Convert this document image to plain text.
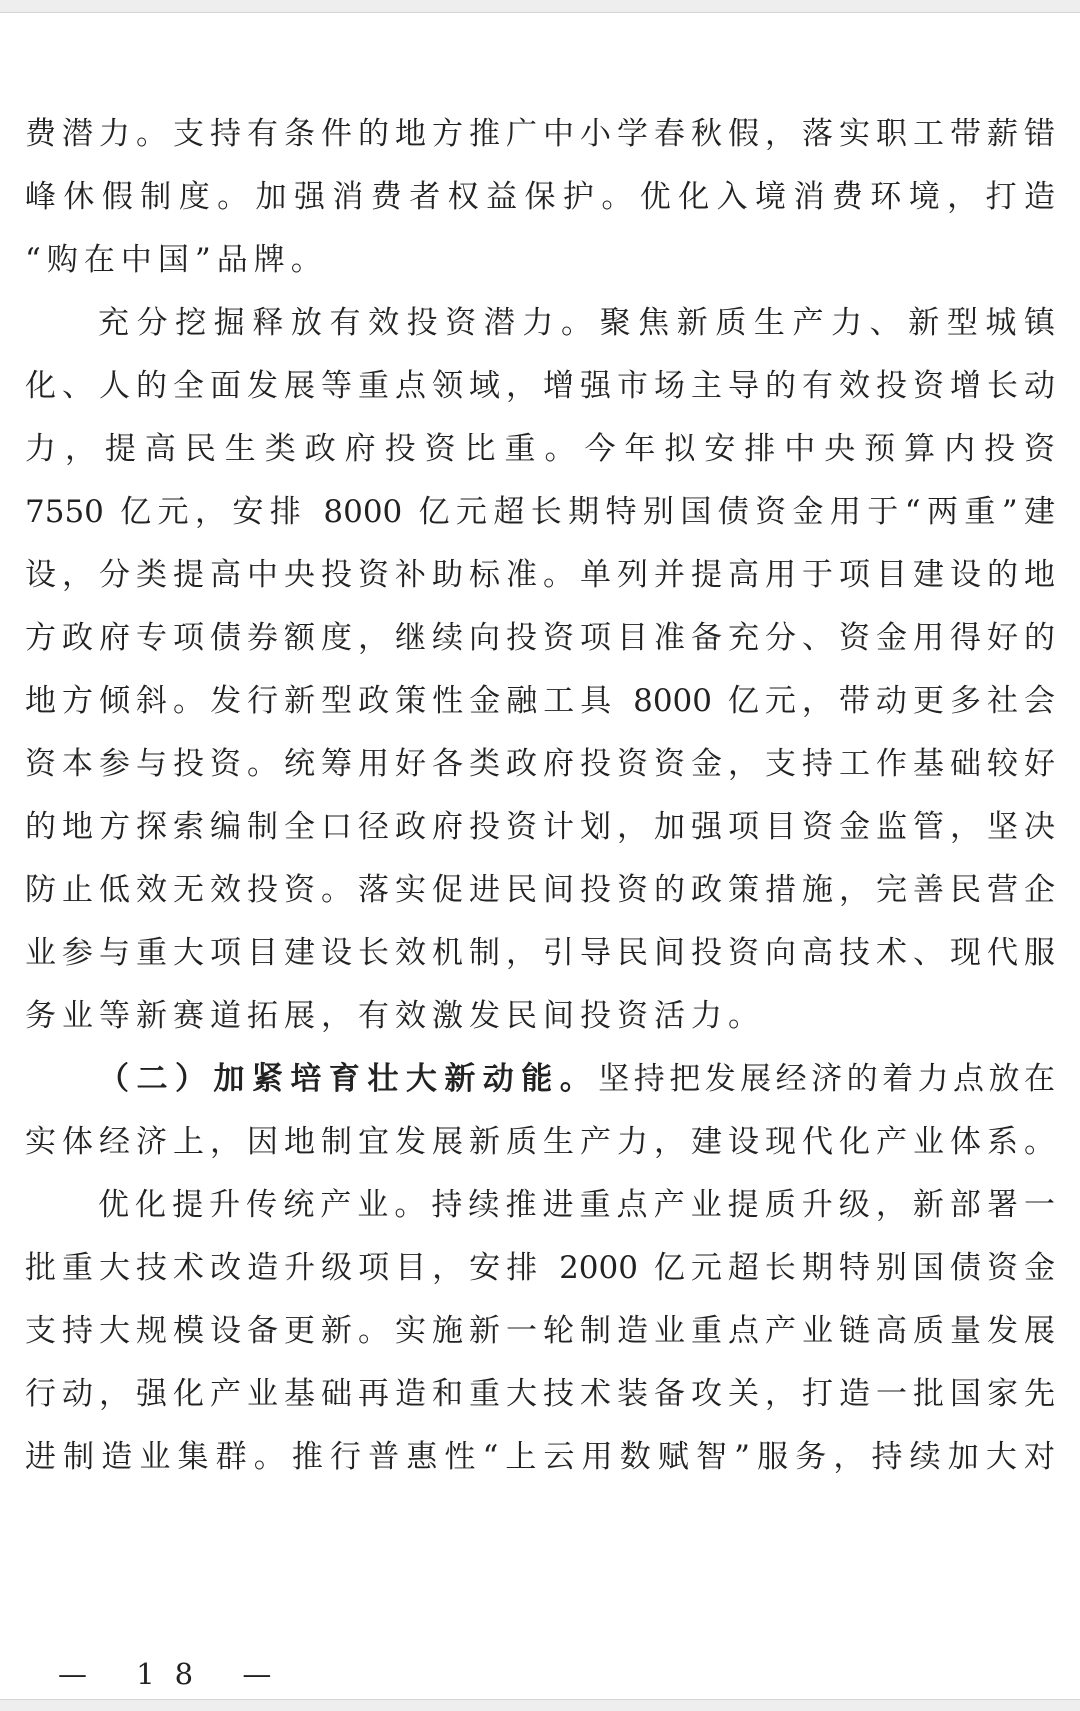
费潜力。支持有条件的地方推广中小学春秋假，落实职工带薪错
峰休假制度。加强消费者权益保护。优化入境消费环境，打造
“购在中国”品牌。
充分挖掘释放有效投资潜力。聚焦新质生产力、新型城镇
化、人的全面发展等重点领域，增强市场主导的有效投资增长动
力，提高民生类政府投资比重。今年拟安排中央预算内投资
7550 亿元，安排 8000 亿元超长期特别国债资金用于“两重”建
设，分类提高中央投资补助标准。单列并提高用于项目建设的地
方政府专项债券额度，继续向投资项目准备充分、资金用得好的
地方倾斜。发行新型政策性金融工具 8000 亿元，带动更多社会
资本参与投资。统筹用好各类政府投资资金，支持工作基础较好
的地方探索编制全口径政府投资计划，加强项目资金监管，坚决
防止低效无效投资。落实促进民间投资的政策措施，完善民营企
业参与重大项目建设长效机制，引导民间投资向高技术、现代服
务业等新赛道拓展，有效激发民间投资活力。
（二）加紧培育壮大新动能。坚持把发展经济的着力点放在
实体经济上，因地制宜发展新质生产力，建设现代化产业体系。
优化提升传统产业。持续推进重点产业提质升级，新部署一
批重大技术改造升级项目，安排 2000 亿元超长期特别国债资金
支持大规模设备更新。实施新一轮制造业重点产业链高质量发展
行动，强化产业基础再造和重大技术装备攻关，打造一批国家先
进制造业集群。推行普惠性“上云用数赋智”服务，持续加大对
— 18 —
